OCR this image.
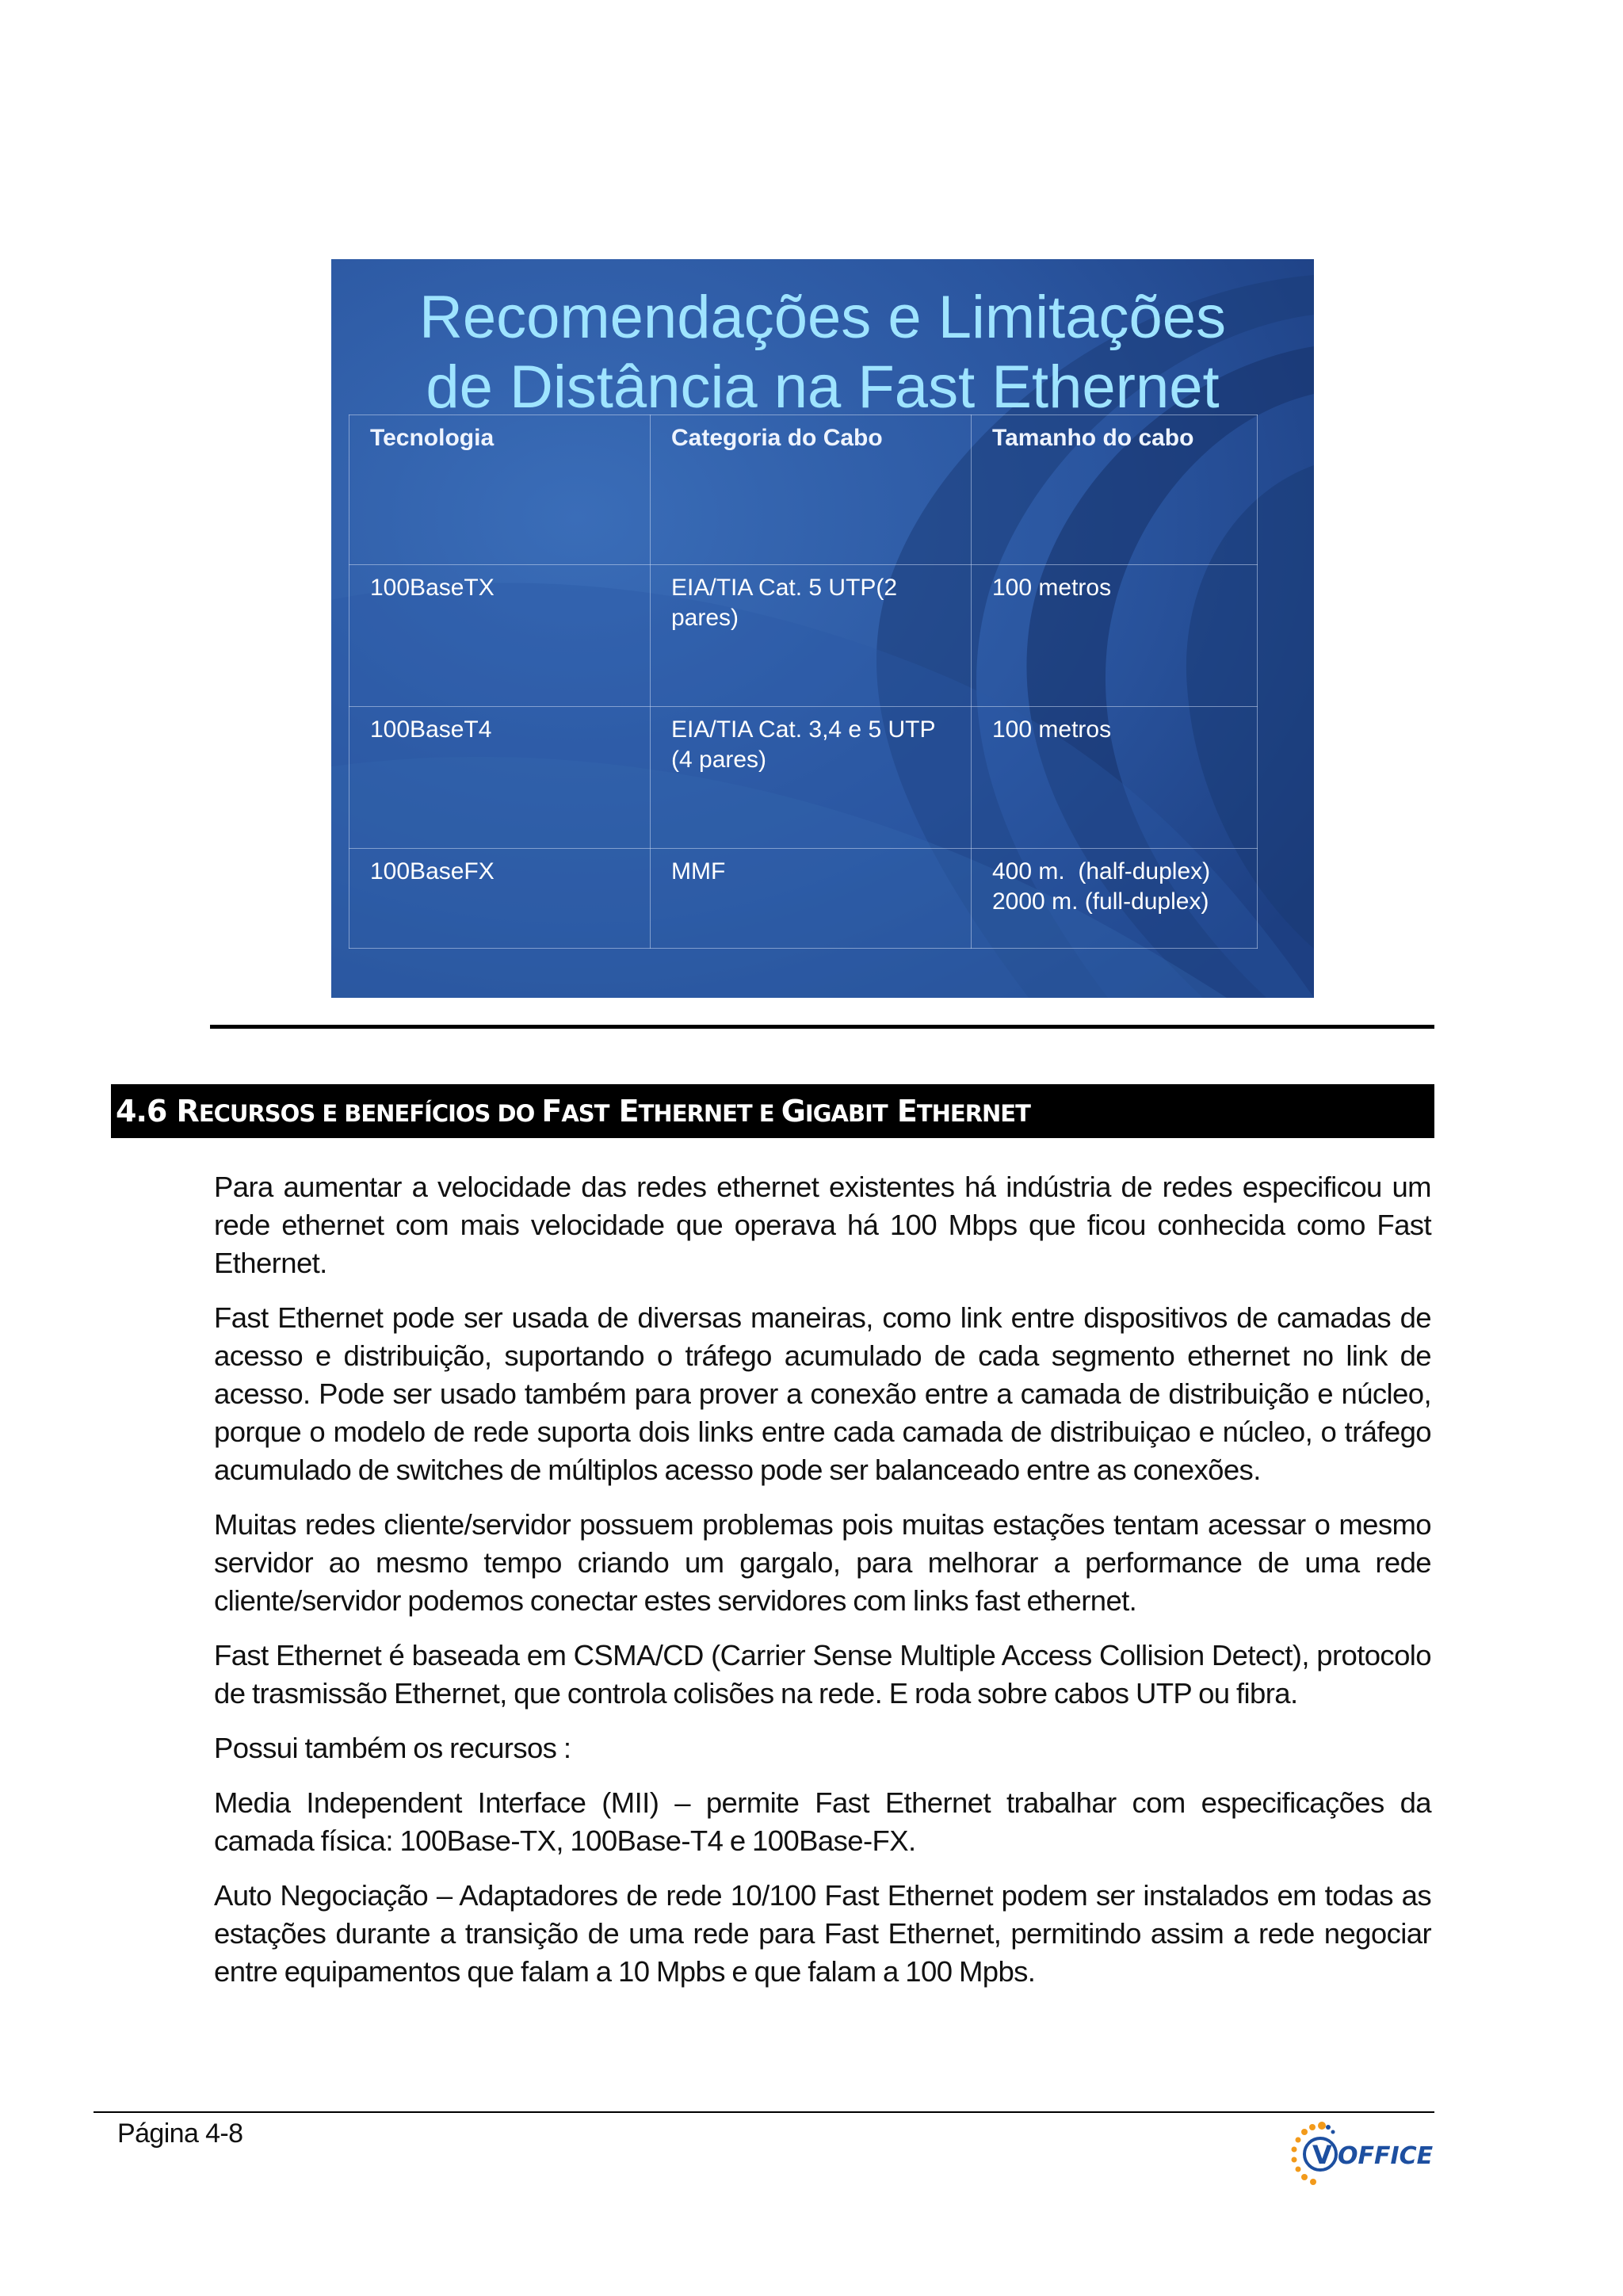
Recomendações e Limitações
de Distância na Fast Ethernet
Tecnologia	Categoria do Cabo	Tamanho do cabo
100BaseTX	EIA/TIA Cat. 5 UTP(2 pares)	100 metros
100BaseT4	EIA/TIA Cat. 3,4 e 5 UTP (4 pares)	100 metros
100BaseFX	MMF	400 m.  (half-duplex)
2000 m. (full-duplex)
4.6 RECURSOS E BENEFÍCIOS DO FAST ETHERNET E GIGABIT ETHERNET

Para aumentar a velocidade das redes ethernet existentes há indústria de redes especificou um rede ethernet com mais velocidade que operava há 100 Mbps que ficou conhecida como Fast Ethernet.

Fast Ethernet pode ser usada de diversas maneiras, como link entre dispositivos de camadas de acesso e distribuição, suportando o tráfego acumulado de cada segmento ethernet no link de acesso. Pode ser usado também para prover a conexão entre a camada de distribuição e núcleo, porque o modelo de rede suporta dois links entre cada camada de distribuiçao e núcleo, o tráfego acumulado de switches de múltiplos acesso pode ser balanceado entre as conexões.

Muitas redes cliente/servidor possuem problemas pois muitas estações tentam acessar o mesmo servidor ao mesmo tempo criando um gargalo, para melhorar a performance de uma rede cliente/servidor podemos conectar estes servidores com links fast ethernet.

Fast Ethernet é baseada em CSMA/CD (Carrier Sense Multiple Access Collision Detect), protocolo de trasmissão Ethernet, que controla colisões na rede. E roda sobre cabos UTP ou fibra.

Possui também os recursos :

Media Independent Interface (MII) – permite Fast Ethernet trabalhar com especificações da camada física: 100Base-TX, 100Base-T4 e 100Base-FX.

Auto Negociação – Adaptadores de rede 10/100 Fast Ethernet podem ser instalados em todas as estações durante a transição de uma rede para Fast Ethernet, permitindo assim a rede negociar entre equipamentos que falam a 10 Mpbs e que falam a 100 Mpbs.

Página 4-8
V OFFICE
